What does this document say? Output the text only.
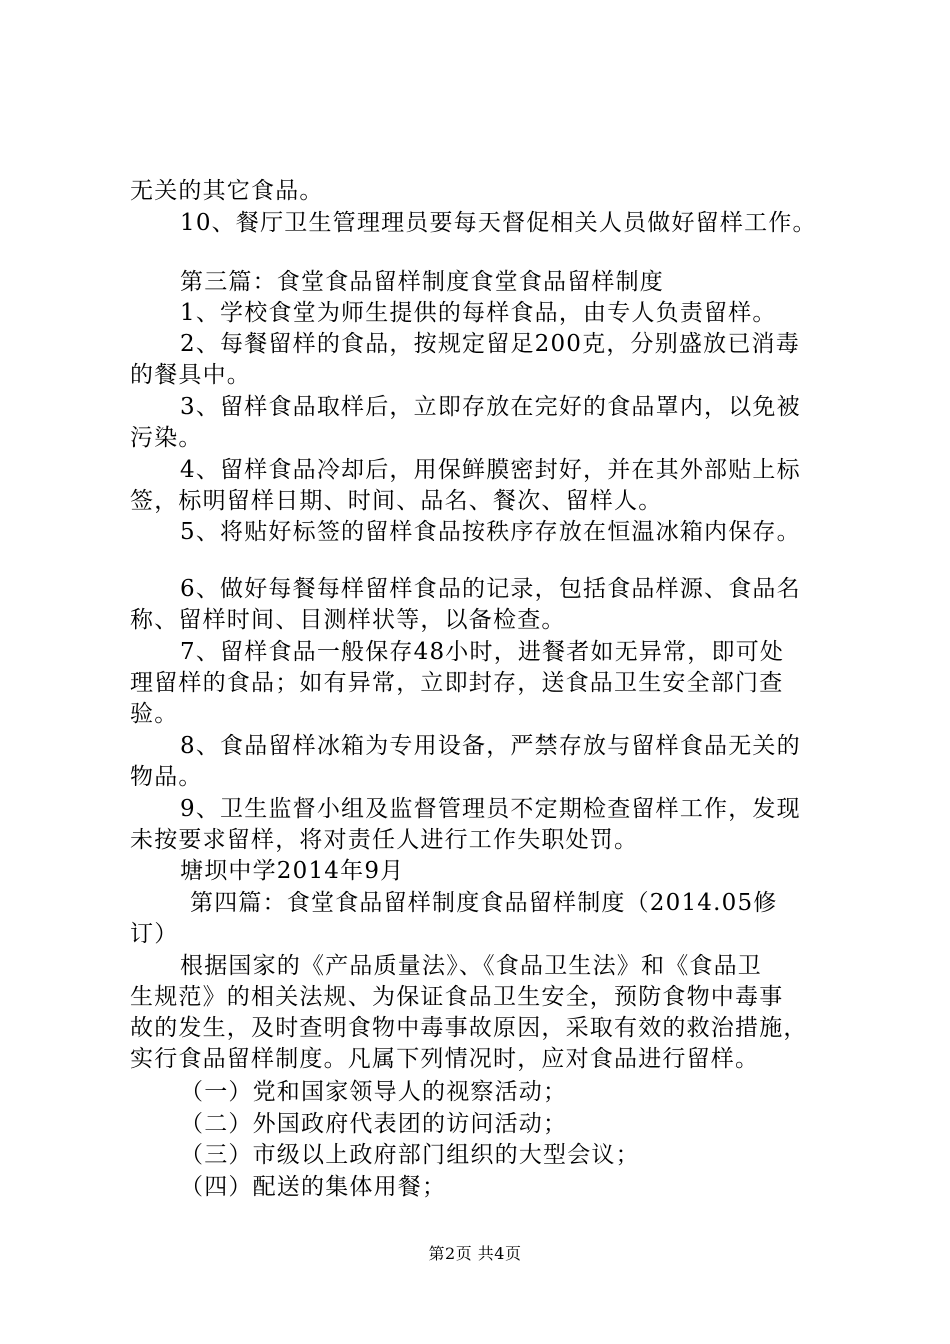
无关的其它食品。
10、餐厅卫生管理理员要每天督促相关人员做好留样工作。
第三篇：食堂食品留样制度食堂食品留样制度
1、学校食堂为师生提供的每样食品，由专人负责留样。
2、每餐留样的食品，按规定留足200克，分别盛放已消毒
的餐具中。
3、留样食品取样后，立即存放在完好的食品罩内，以免被
污染。
4、留样食品冷却后，用保鲜膜密封好，并在其外部贴上标
签，标明留样日期、时间、品名、餐次、留样人。
5、将贴好标签的留样食品按秩序存放在恒温冰箱内保存。
6、做好每餐每样留样食品的记录，包括食品样源、食品名
称、留样时间、目测样状等，以备检查。
7、留样食品一般保存48小时，进餐者如无异常，即可处
理留样的食品；如有异常，立即封存，送食品卫生安全部门查
验。
8、食品留样冰箱为专用设备，严禁存放与留样食品无关的
物品。
9、卫生监督小组及监督管理员不定期检查留样工作，发现
未按要求留样，将对责任人进行工作失职处罚。
塘坝中学2014年9月
第四篇：食堂食品留样制度食品留样制度（2014.05修
订）
根据国家的《产品质量法》、《食品卫生法》和《食品卫
生规范》的相关法规、为保证食品卫生安全，预防食物中毒事
故的发生，及时查明食物中毒事故原因，采取有效的救治措施，
实行食品留样制度。凡属下列情况时，应对食品进行留样。
（一）党和国家领导人的视察活动；
（二）外国政府代表团的访问活动；
（三）市级以上政府部门组织的大型会议；
（四）配送的集体用餐；
第2页 共4页
